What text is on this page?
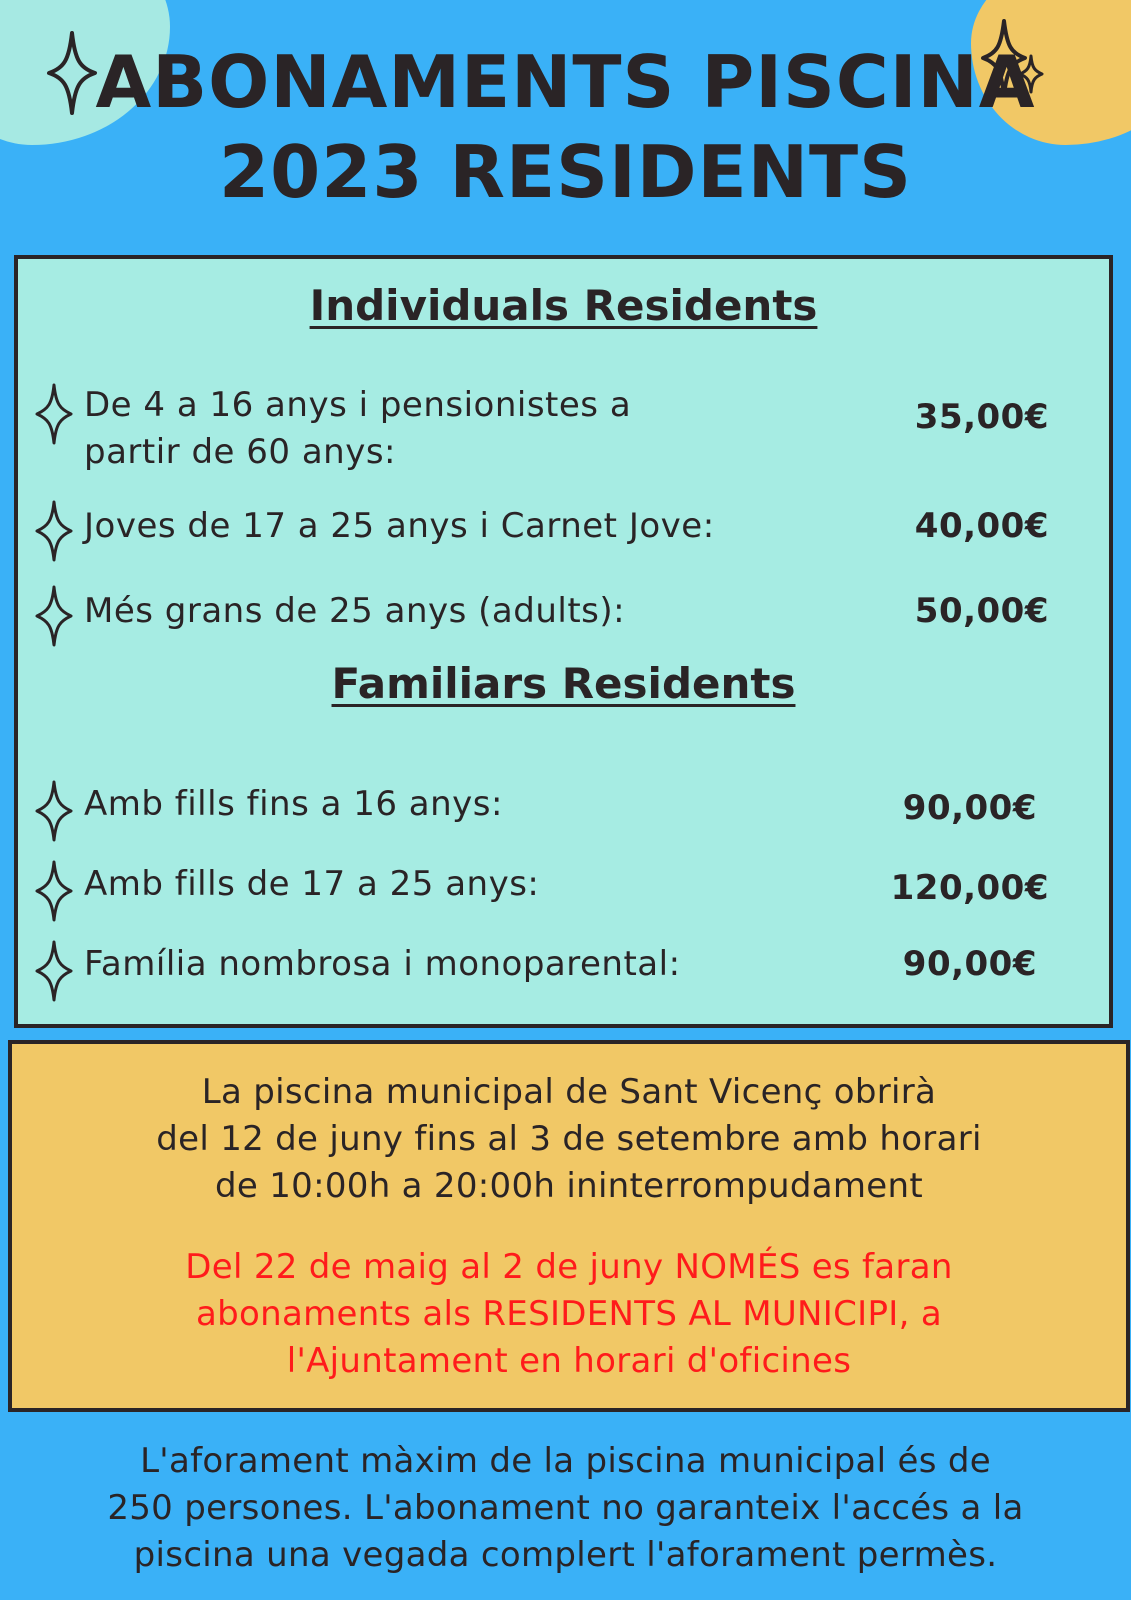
ABONAMENTS PISCINA
2023 RESIDENTS
Individuals Residents
De 4 a 16 anys i pensionistes a
partir de 60 anys:
35,00€
Joves de 17 a 25 anys i Carnet Jove:	40,00€
Més grans de 25 anys (adults):	50,00€
Familiars Residents
Amb fills fins a 16 anys:	90,00€
Amb fills de 17 a 25 anys:	120,00€
Família nombrosa i monoparental:	90,00€
La piscina municipal de Sant Vicenç obrirà
del 12 de juny fins al 3 de setembre amb horari
de 10:00h a 20:00h ininterrompudament
Del 22 de maig al 2 de juny NOMÉS es faran
abonaments als RESIDENTS AL MUNICIPI, a
l'Ajuntament en horari d'oficines
L'aforament màxim de la piscina municipal és de
250 persones. L'abonament no garanteix l'accés a la
piscina una vegada complert l'aforament permès.
